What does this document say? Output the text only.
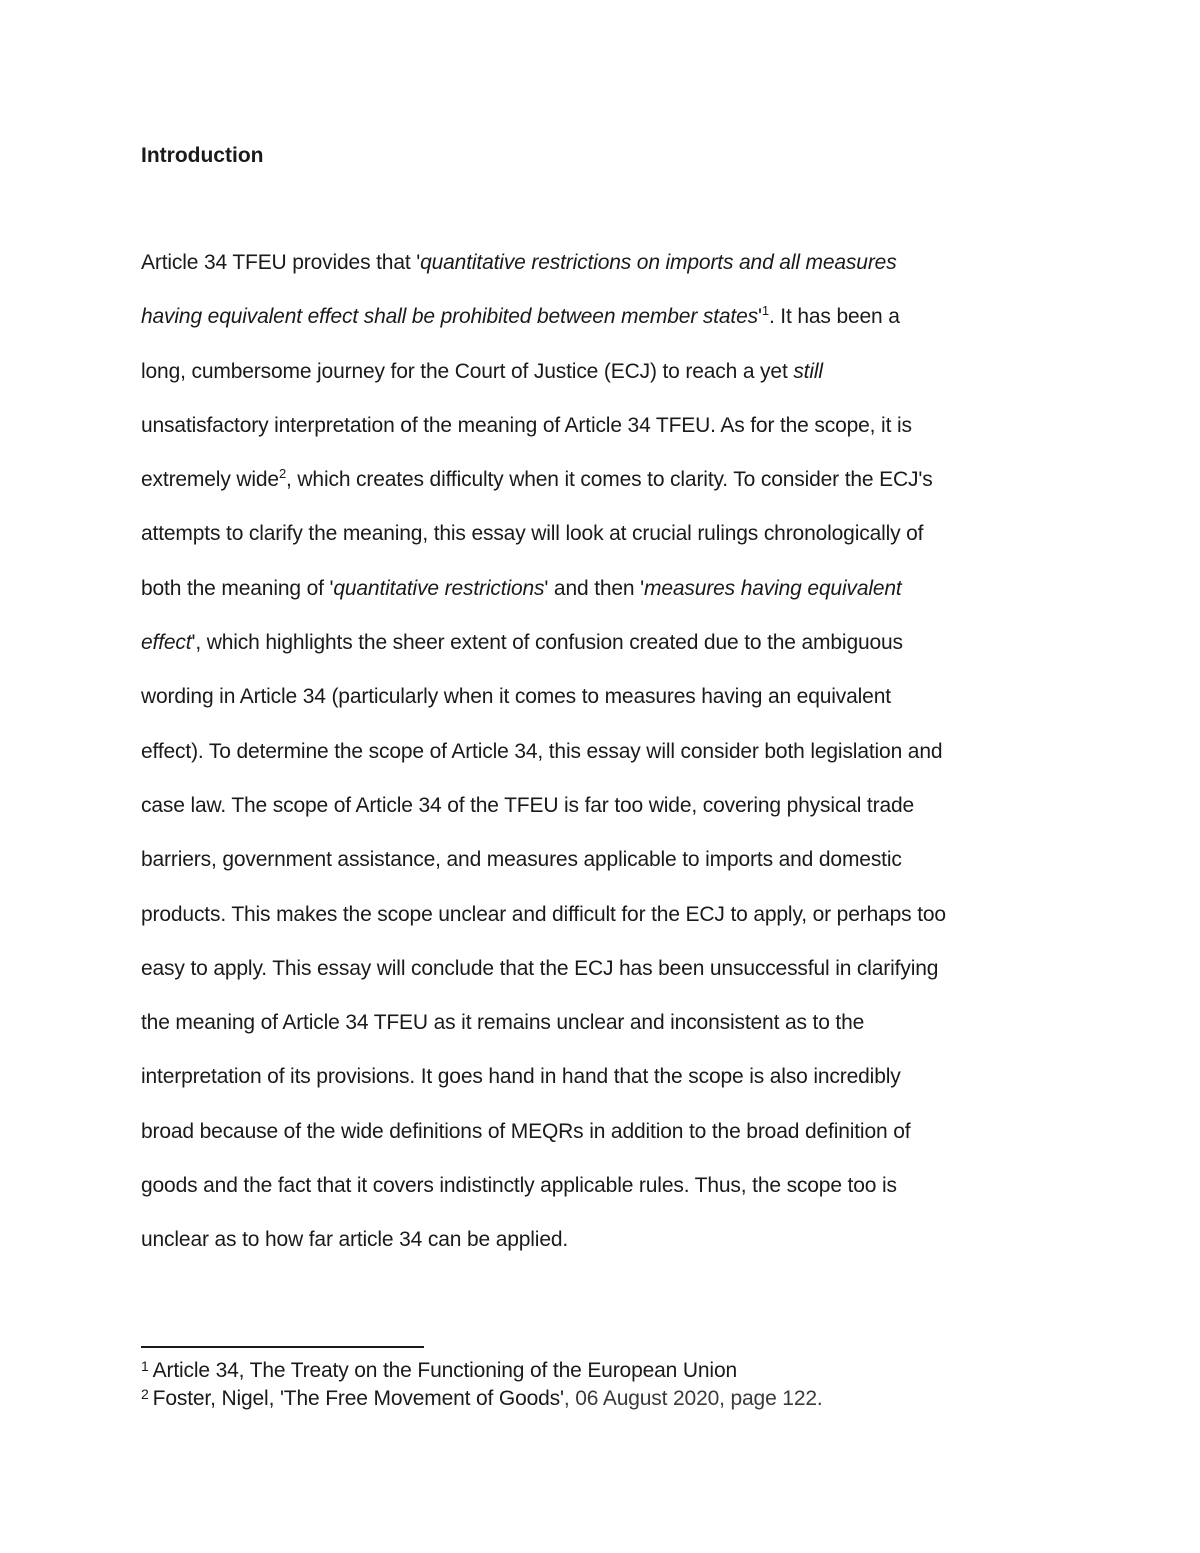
Introduction

Article 34 TFEU provides that 'quantitative restrictions on imports and all measures
having equivalent effect shall be prohibited between member $states'^1$. It has been a
long, cumbersome journey for the Court of Justice (ECJ) to reach a yet still
unsatisfactory interpretation of the meaning of Article 34 TFEU. As for the scope, it is
extremely wide$^2$, which creates difficulty when it comes to clarity. To consider the ECJ's
attempts to clarify the meaning, this essay will look at crucial rulings chronologically of
both the meaning of 'quantitative restrictions' and then 'measures having equivalent
effect', which highlights the sheer extent of confusion created due to the ambiguous
wording in Article 34 (particularly when it comes to measures having an equivalent
effect). To determine the scope of Article 34, this essay will consider both legislation and
case law. The scope of Article 34 of the TFEU is far too wide, covering physical trade
barriers, government assistance, and measures applicable to imports and domestic
products. This makes the scope unclear and difficult for the ECJ to apply, or perhaps too
easy to apply. This essay will conclude that the ECJ has been unsuccessful in clarifying
the meaning of Article 34 TFEU as it remains unclear and inconsistent as to the
interpretation of its provisions. It goes hand in hand that the scope is also incredibly
broad because of the wide definitions of MEQRs in addition to the broad definition of
goods and the fact that it covers indistinctly applicable rules. Thus, the scope too is
unclear as to how far article 34 can be applied.

$^1$ Article 34, The Treaty on the Functioning of the European Union
$^2$ Foster, Nigel, 'The Free Movement of Goods', 06 August 2020, page 122.
